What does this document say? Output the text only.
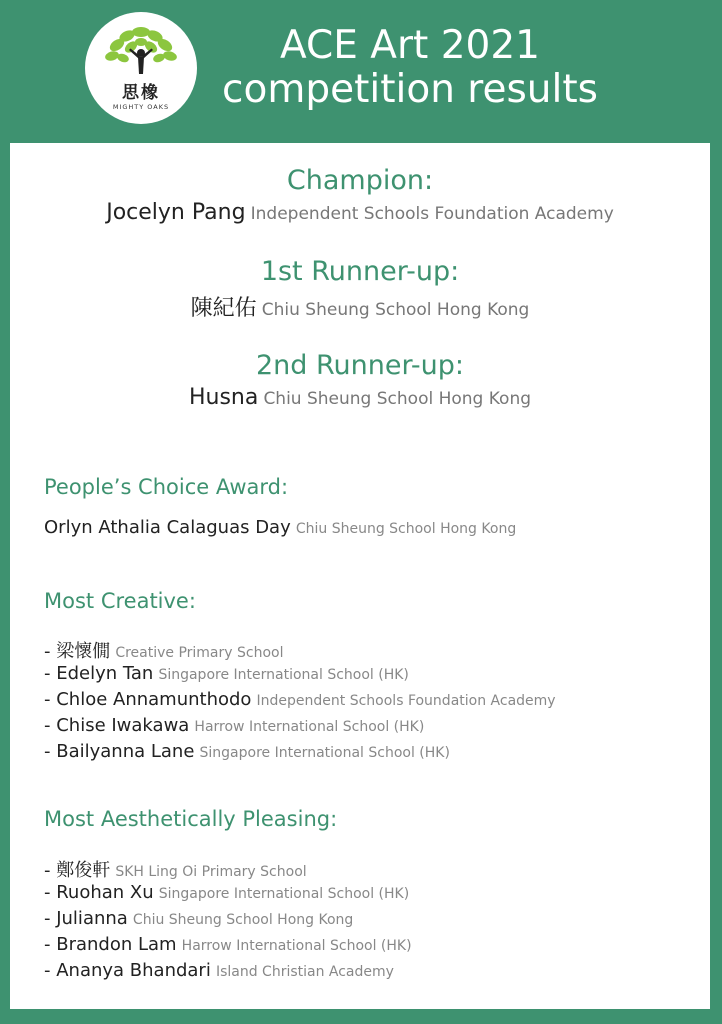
思橡
MIGHTY OAKS
ACE Art 2021
competition results
Champion:
Jocelyn Pang Independent Schools Foundation Academy
1st Runner-up:
陳紀佑 Chiu Sheung School Hong Kong
2nd Runner-up:
Husna Chiu Sheung School Hong Kong
People’s Choice Award:
Orlyn Athalia Calaguas Day Chiu Sheung School Hong Kong
Most Creative:
- 梁懷僩 Creative Primary School
- Edelyn Tan Singapore International School (HK)
- Chloe Annamunthodo Independent Schools Foundation Academy
- Chise Iwakawa Harrow International School (HK)
- Bailyanna Lane Singapore International School (HK)
Most Aesthetically Pleasing:
- 鄭俊軒 SKH Ling Oi Primary School
- Ruohan Xu Singapore International School (HK)
- Julianna Chiu Sheung School Hong Kong
- Brandon Lam Harrow International School (HK)
- Ananya Bhandari Island Christian Academy
